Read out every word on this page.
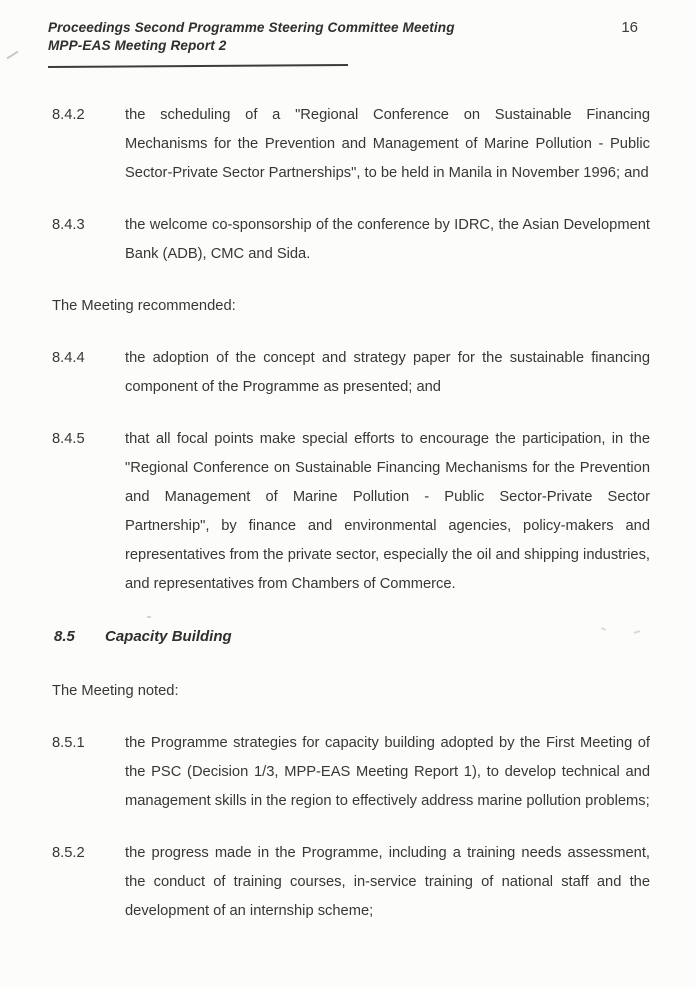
Proceedings Second Programme Steering Committee Meeting
MPP-EAS Meeting Report 2
16
8.4.2	the scheduling of a "Regional Conference on Sustainable Financing Mechanisms for the Prevention and Management of Marine Pollution - Public Sector-Private Sector Partnerships", to be held in Manila in November 1996; and

8.4.3	the welcome co-sponsorship of the conference by IDRC, the Asian Development Bank (ADB), CMC and Sida.

The Meeting recommended:

8.4.4	the adoption of the concept and strategy paper for the sustainable financing component of the Programme as presented; and

8.4.5	that all focal points make special efforts to encourage the participation, in the "Regional Conference on Sustainable Financing Mechanisms for the Prevention and Management of Marine Pollution - Public Sector-Private Sector Partnership", by finance and environmental agencies, policy-makers and representatives from the private sector, especially the oil and shipping industries, and representatives from Chambers of Commerce.

8.5	Capacity Building

The Meeting noted:

8.5.1	the Programme strategies for capacity building adopted by the First Meeting of the PSC (Decision 1/3, MPP-EAS Meeting Report 1), to develop technical and management skills in the region to effectively address marine pollution problems;

8.5.2	the progress made in the Programme, including a training needs assessment, the conduct of training courses, in-service training of national staff and the development of an internship scheme;
